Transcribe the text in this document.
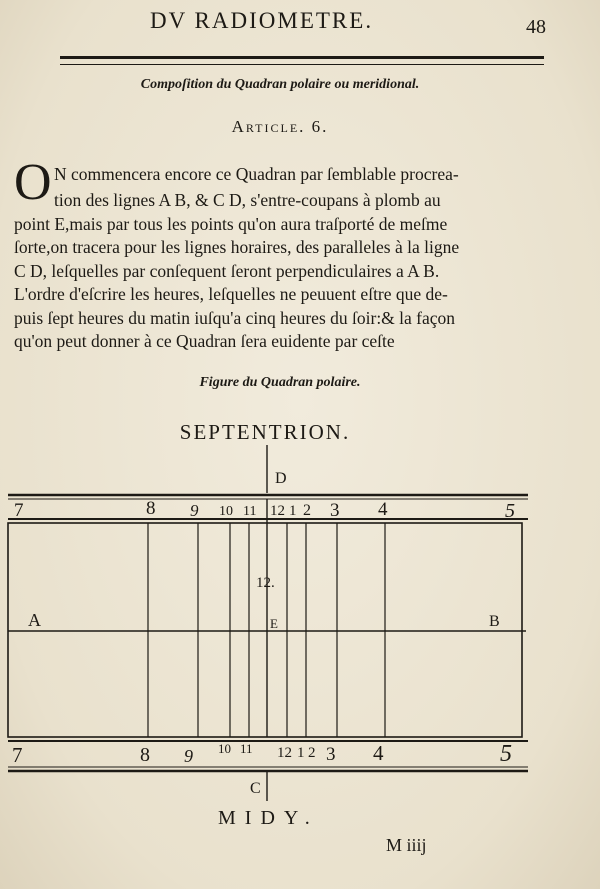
DV RADIOMETRE.	48
Compoſition du Quadran polaire ou meridional.
Article. 6.
O N commencera encore ce Quadran par ſemblable procrea-
tion des lignes A B, & C D, s'entre-coupans à plomb au
point E,mais par tous les points qu'on aura traſporté de meſme
ſorte,on tracera pour les lignes horaires, des paralleles à la ligne
C D, leſquelles par conſequent ſeront perpendiculaires a A B.
L'ordre d'eſcrire les heures, leſquelles ne peuuent eſtre que de-
puis ſept heures du matin iuſqu'a cinq heures du ſoir:& la façon
qu'on peut donner à ce Quadran ſera euidente par ceſte
Figure du Quadran polaire.
SEPTENTRION.
7	8 9 10 11 12 1 2 3 4	5
7	8 9 10 11 12 1 2 3 4	5
D
A	B
E
12.
C
MIDY.
M iiij
